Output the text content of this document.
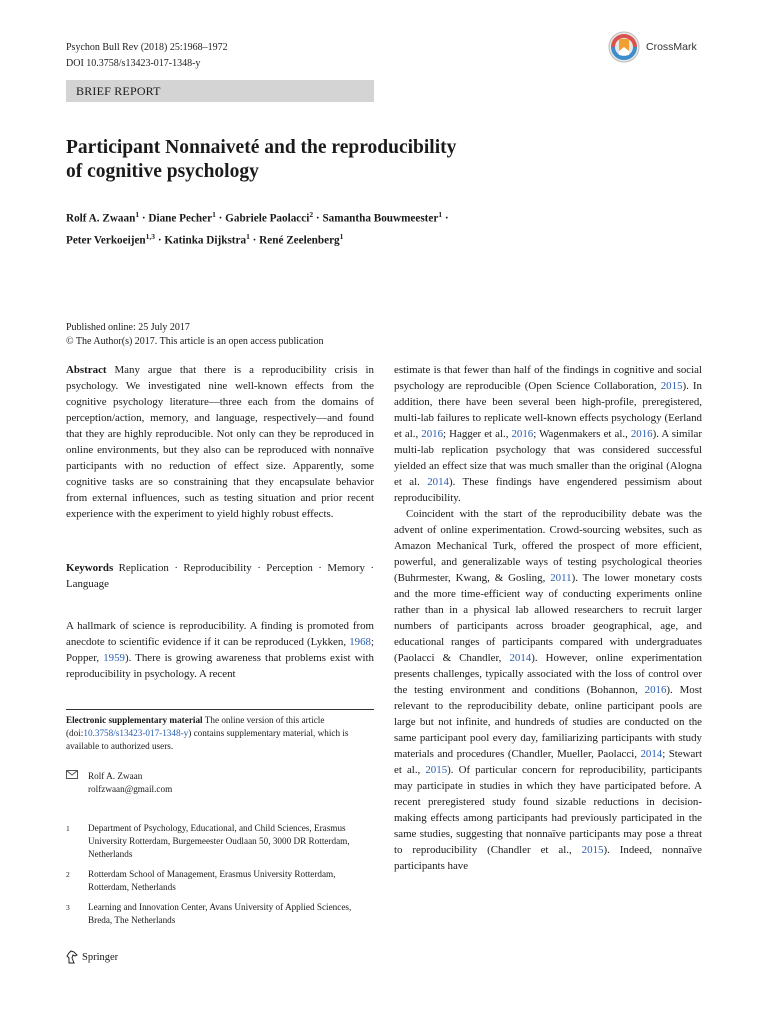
Psychon Bull Rev (2018) 25:1968–1972
DOI 10.3758/s13423-017-1348-y
CrossMark
BRIEF REPORT
Participant Nonnaiveté and the reproducibility
of cognitive psychology
Rolf A. Zwaan$^1$ · Diane Pecher$^1$ · Gabriele Paolacci$^2$ · Samantha Bouwmeester$^1$ ·
Peter Verkoeijen$^{1,3}$ · Katinka Dijkstra$^1$ · René Zeelenberg$^1$
Published online: 25 July 2017
© The Author(s) 2017. This article is an open access publication

Abstract Many argue that there is a reproducibility crisis in psychology. We investigated nine well-known effects from the cognitive psychology literature—three each from the domains of perception/action, memory, and language, respectively—and found that they are highly reproducible. Not only can they be reproduced in online environments, but they also can be reproduced with nonnaïve participants with no reduction of effect size. Apparently, some cognitive tasks are so constraining that they encapsulate behavior from external influences, such as testing situation and prior recent experience with the experiment to yield highly robust effects.

Keywords Replication · Reproducibility · Perception · Memory · Language

A hallmark of science is reproducibility. A finding is promoted from anecdote to scientific evidence if it can be reproduced (Lykken, 1968; Popper, 1959). There is growing awareness that problems exist with reproducibility in psychology. A recent

Electronic supplementary material The online version of this article (doi:10.3758/s13423-017-1348-y) contains supplementary material, which is available to authorized users.

Rolf A. Zwaan
rolfzwaan@gmail.com
1	Department of Psychology, Educational, and Child Sciences, Erasmus University Rotterdam, Burgemeester Oudlaan 50, 3000 DR Rotterdam, Netherlands
2	Rotterdam School of Management, Erasmus University Rotterdam, Rotterdam, Netherlands
3	Learning and Innovation Center, Avans University of Applied Sciences, Breda, The Netherlands

estimate is that fewer than half of the findings in cognitive and social psychology are reproducible (Open Science Collaboration, 2015). In addition, there have been several been high-profile, preregistered, multi-lab failures to replicate well-known effects psychology (Eerland et al., 2016; Hagger et al., 2016; Wagenmakers et al., 2016). A similar multi-lab replication psychology that was considered successful yielded an effect size that was much smaller than the original (Alogna et al. 2014). These findings have engendered pessimism about reproducibility.

Coincident with the start of the reproducibility debate was the advent of online experimentation. Crowd-sourcing websites, such as Amazon Mechanical Turk, offered the prospect of more efficient, powerful, and generalizable ways of testing psychological theories (Buhrmester, Kwang, & Gosling, 2011). The lower monetary costs and the more time-efficient way of conducting experiments online rather than in a physical lab allowed researchers to recruit larger numbers of participants across broader geographical, age, and educational ranges of participants compared with undergraduates (Paolacci & Chandler, 2014). However, online experimentation presents challenges, typically associated with the loss of control over the testing environment and conditions (Bohannon, 2016). Most relevant to the reproducibility debate, online participant pools are large but not infinite, and hundreds of studies are conducted on the same participant pool every day, familiarizing participants with study materials and procedures (Chandler, Mueller, Paolacci, 2014; Stewart et al., 2015). Of particular concern for reproducibility, participants may participate in studies in which they have participated before. A recent preregistered study found sizable reductions in decision-making effects among participants had previously participated in the same studies, suggesting that nonnaïve participants may pose a threat to reproducibility (Chandler et al., 2015). Indeed, nonnaïve participants have

Springer
